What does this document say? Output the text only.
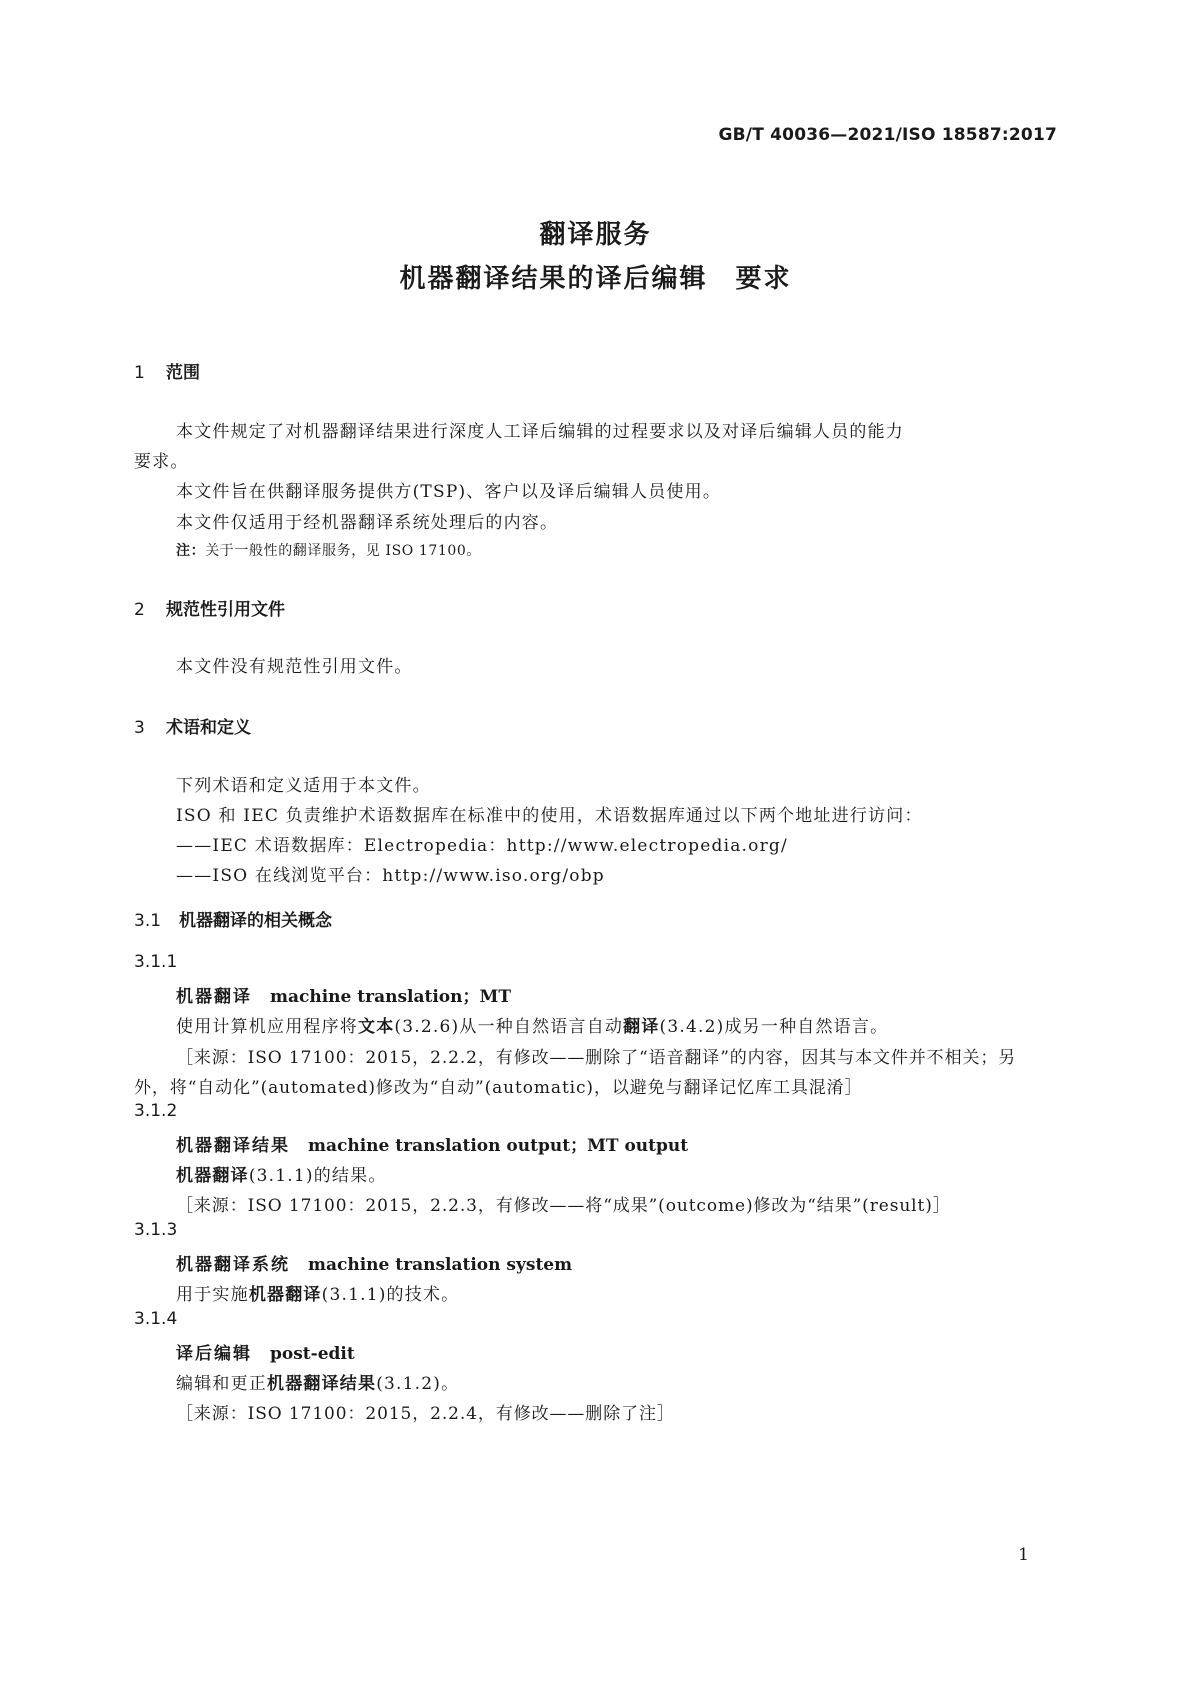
GB/T 40036—2021/ISO 18587:2017
翻译服务
机器翻译结果的译后编辑　要求
1 范围
本文件规定了对机器翻译结果进行深度人工译后编辑的过程要求以及对译后编辑人员的能力
要求。
本文件旨在供翻译服务提供方(TSP)、客户以及译后编辑人员使用。
本文件仅适用于经机器翻译系统处理后的内容。
注：关于一般性的翻译服务，见 ISO 17100。
2 规范性引用文件
本文件没有规范性引用文件。
3 术语和定义
下列术语和定义适用于本文件。
ISO 和 IEC 负责维护术语数据库在标准中的使用，术语数据库通过以下两个地址进行访问：
——IEC 术语数据库：Electropedia：http://www.electropedia.org/
——ISO 在线浏览平台：http://www.iso.org/obp
3.1 机器翻译的相关概念
3.1.1
机器翻译 machine translation；MT
使用计算机应用程序将文本(3.2.6)从一种自然语言自动翻译(3.4.2)成另一种自然语言。
［来源：ISO 17100：2015，2.2.2，有修改——删除了“语音翻译”的内容，因其与本文件并不相关；另
外，将“自动化”(automated)修改为“自动”(automatic)，以避免与翻译记忆库工具混淆］
3.1.2
机器翻译结果 machine translation output；MT output
机器翻译(3.1.1)的结果。
［来源：ISO 17100：2015，2.2.3，有修改——将“成果”(outcome)修改为“结果”(result)］
3.1.3
机器翻译系统 machine translation system
用于实施机器翻译(3.1.1)的技术。
3.1.4
译后编辑 post-edit
编辑和更正机器翻译结果(3.1.2)。
［来源：ISO 17100：2015，2.2.4，有修改——删除了注］
1
